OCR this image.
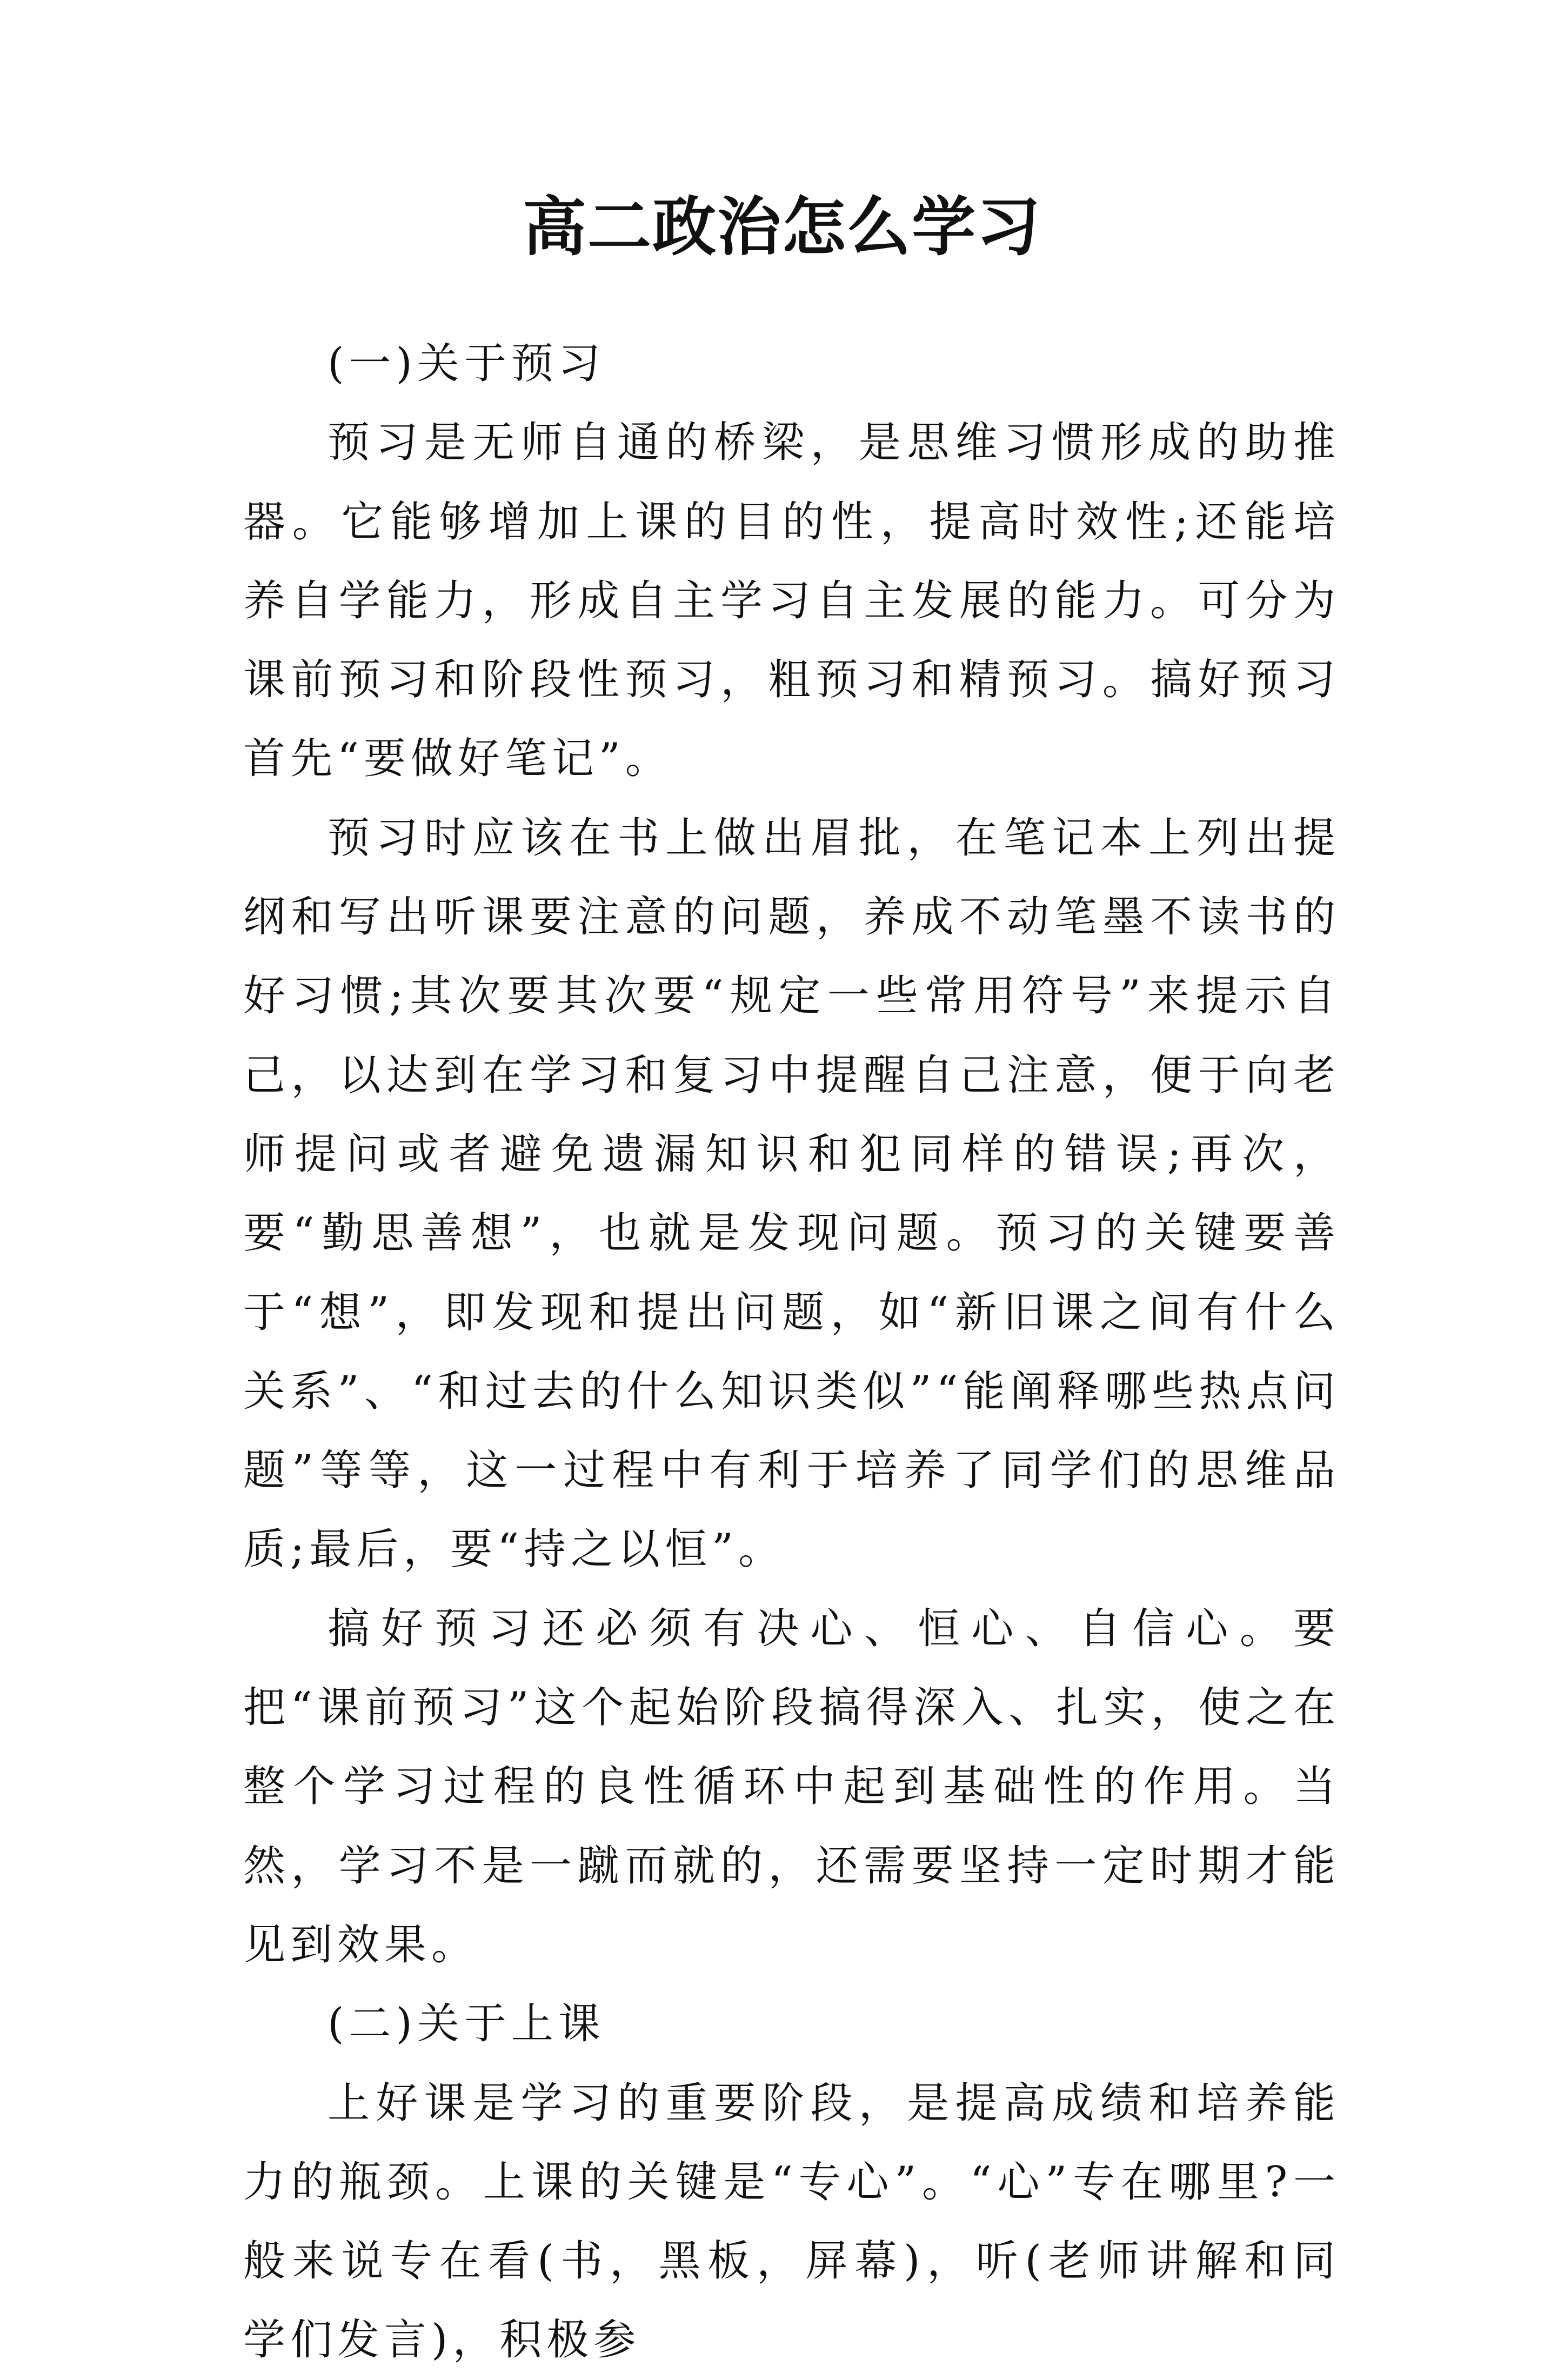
高二政治怎么学习

(一)关于预习

预习是无师自通的桥梁，是思维习惯形成的助推器。它能够增加上课的目的性，提高时效性;还能培养自学能力，形成自主学习自主发展的能力。可分为课前预习和阶段性预习，粗预习和精预习。搞好预习首先“要做好笔记”。

预习时应该在书上做出眉批，在笔记本上列出提纲和写出听课要注意的问题，养成不动笔墨不读书的好习惯;其次要其次要“规定一些常用符号”来提示自己，以达到在学习和复习中提醒自己注意，便于向老师提问或者避免遗漏知识和犯同样的错误;再次，要“勤思善想”，也就是发现问题。预习的关键要善于“想”，即发现和提出问题，如“新旧课之间有什么关系”、“和过去的什么知识类似”“能阐释哪些热点问题”等等，这一过程中有利于培养了同学们的思维品质;最后，要“持之以恒”。

搞好预习还必须有决心、恒心、自信心。要把“课前预习”这个起始阶段搞得深入、扎实，使之在整个学习过程的良性循环中起到基础性的作用。当然，学习不是一蹴而就的，还需要坚持一定时期才能见到效果。

(二)关于上课

上好课是学习的重要阶段，是提高成绩和培养能力的瓶颈。上课的关键是“专心”。“心”专在哪里?一般来说专在看(书，黑板，屏幕)，听(老师讲解和同学们发言)，积极参
